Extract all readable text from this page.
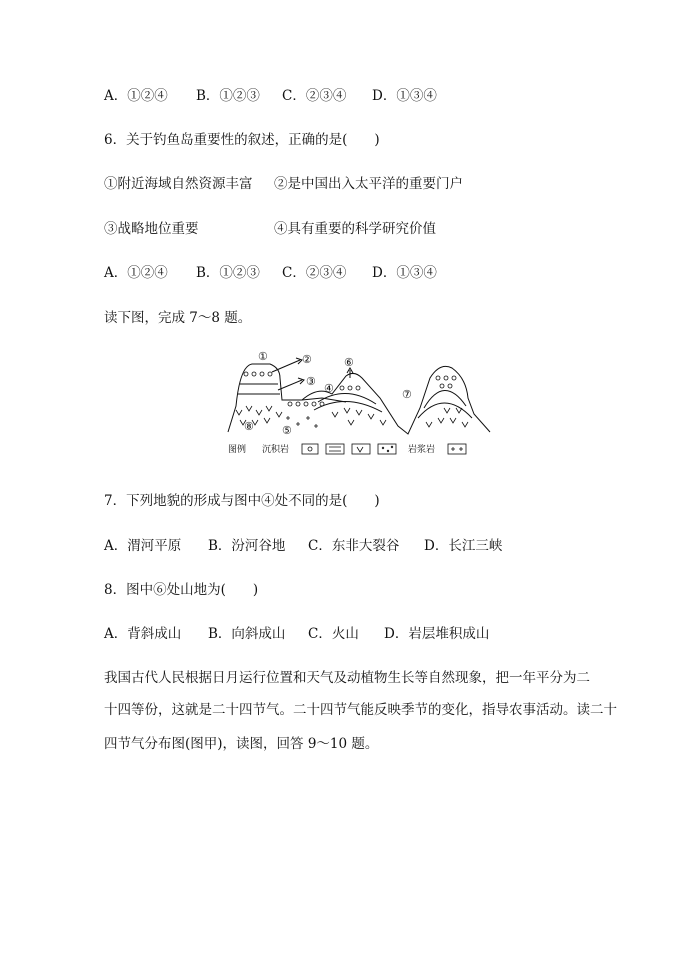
A．①②④ B．①②③ C．②③④ D．①③④
6．关于钓鱼岛重要性的叙述，正确的是(　　)
①附近海域自然资源丰富 ②是中国出入太平洋的重要门户
③战略地位重要	④具有重要的科学研究价值
A．①②④ B．①②③ C．②③④ D．①③④
读下图，完成 7～8 题。
①	②
③
④
⑤
⑥
⑦
⑧
图例 沉积岩	岩浆岩
7．下列地貌的形成与图中④处不同的是(　　)
A．渭河平原 B．汾河谷地 C．东非大裂谷 D．长江三峡
8．图中⑥处山地为(　　)
A．背斜成山 B．向斜成山 C．火山 D．岩层堆积成山
我国古代人民根据日月运行位置和天气及动植物生长等自然现象，把一年平分为二
十四等份，这就是二十四节气。二十四节气能反映季节的变化，指导农事活动。读二十
四节气分布图(图甲)，读图，回答 9～10 题。
